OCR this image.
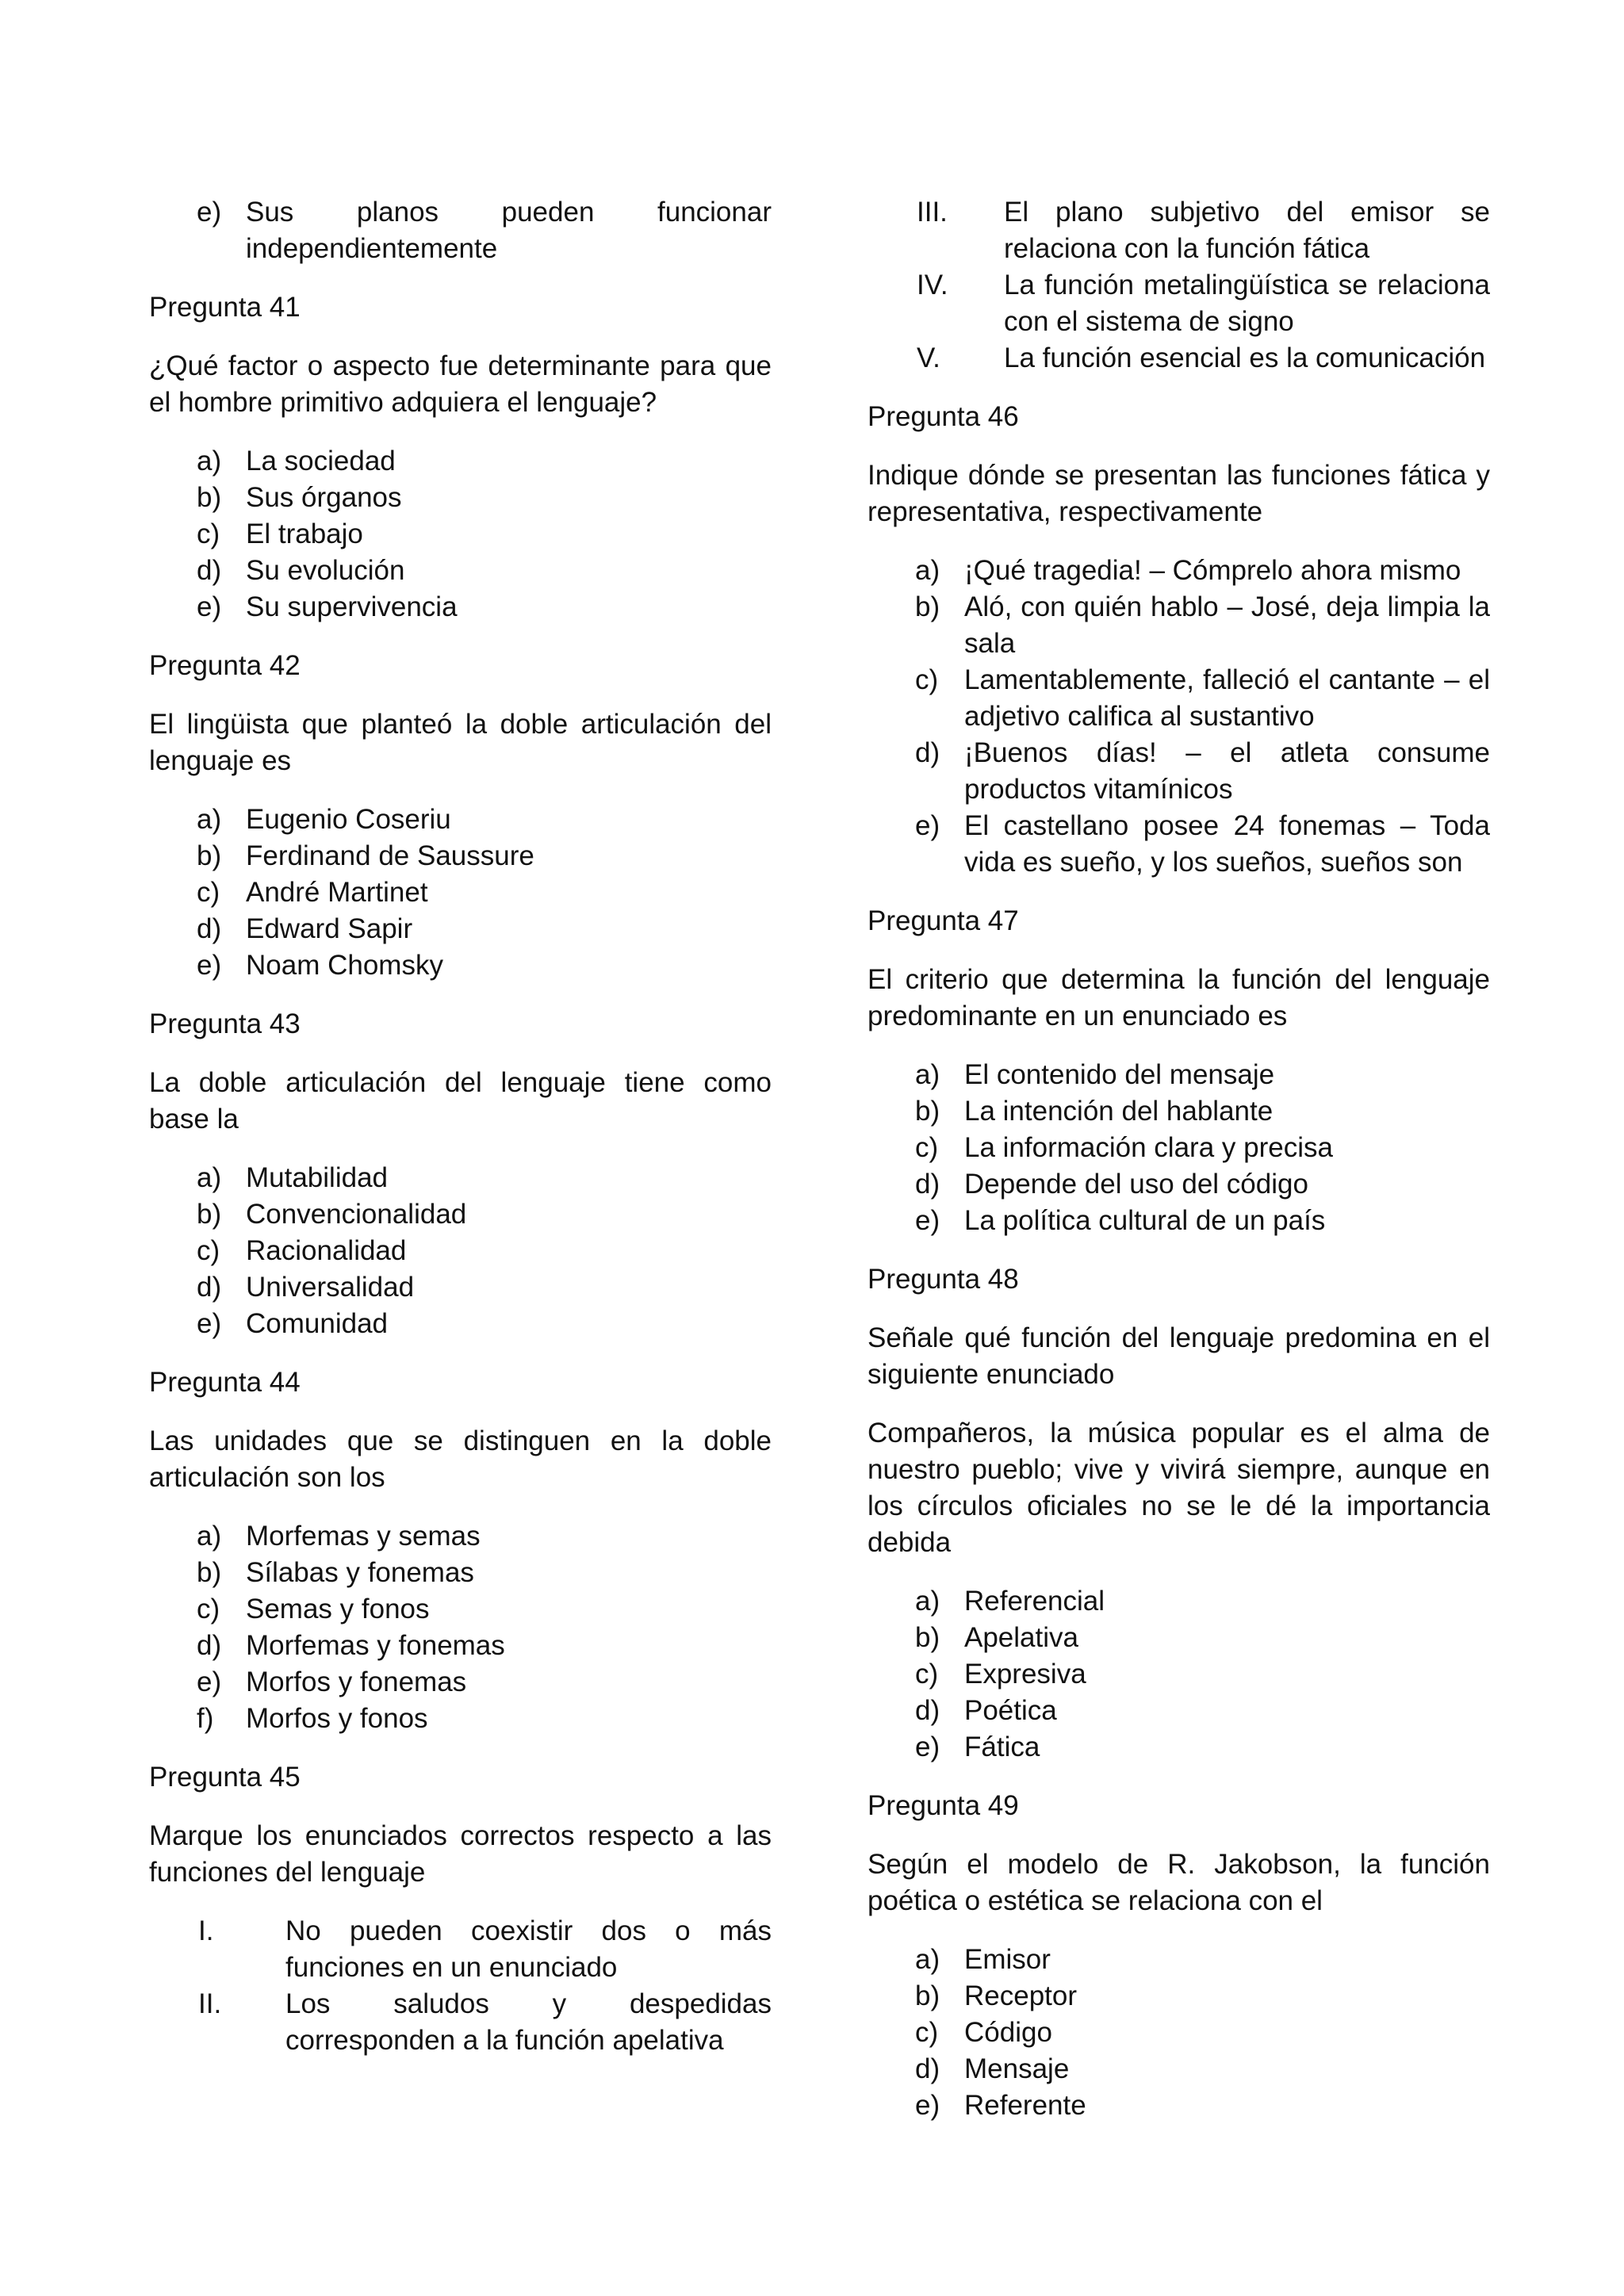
e) Sus planos pueden funcionar independientemente

Pregunta 41

¿Qué factor o aspecto fue determinante para que el hombre primitivo adquiera el lenguaje?

a) La sociedad
b) Sus órganos
c) El trabajo
d) Su evolución
e) Su supervivencia

Pregunta 42

El lingüista que planteó la doble articulación del lenguaje es

a) Eugenio Coseriu
b) Ferdinand de Saussure
c) André Martinet
d) Edward Sapir
e) Noam Chomsky

Pregunta 43

La doble articulación del lenguaje tiene como base la

a) Mutabilidad
b) Convencionalidad
c) Racionalidad
d) Universalidad
e) Comunidad

Pregunta 44

Las unidades que se distinguen en la doble articulación son los

a) Morfemas y semas
b) Sílabas y fonemas
c) Semas y fonos
d) Morfemas y fonemas
e) Morfos y fonemas
f)	Morfos y fonos

Pregunta 45

Marque los enunciados correctos respecto a las funciones del lenguaje

I.	No pueden coexistir dos o más funciones en un enunciado
II.	Los saludos y despedidas corresponden a la función apelativa
III.	El plano subjetivo del emisor se relaciona con la función fática
IV.	La función metalingüística se relaciona con el sistema de signo
V.	La función esencial es la comunicación

Pregunta 46

Indique dónde se presentan las funciones fática y representativa, respectivamente

a) ¡Qué tragedia! – Cómprelo ahora mismo
b) Aló, con quién hablo – José, deja limpia la sala
c) Lamentablemente, falleció el cantante – el adjetivo califica al sustantivo
d) ¡Buenos días! – el atleta consume productos vitamínicos
e) El castellano posee 24 fonemas – Toda vida es sueño, y los sueños, sueños son

Pregunta 47

El criterio que determina la función del lenguaje predominante en un enunciado es

a) El contenido del mensaje
b) La intención del hablante
c) La información clara y precisa
d) Depende del uso del código
e) La política cultural de un país

Pregunta 48

Señale qué función del lenguaje predomina en el siguiente enunciado

Compañeros, la música popular es el alma de nuestro pueblo; vive y vivirá siempre, aunque en los círculos oficiales no se le dé la importancia debida

a) Referencial
b) Apelativa
c) Expresiva
d) Poética
e) Fática

Pregunta 49

Según el modelo de R. Jakobson, la función poética o estética se relaciona con el

a) Emisor
b) Receptor
c) Código
d) Mensaje
e) Referente
